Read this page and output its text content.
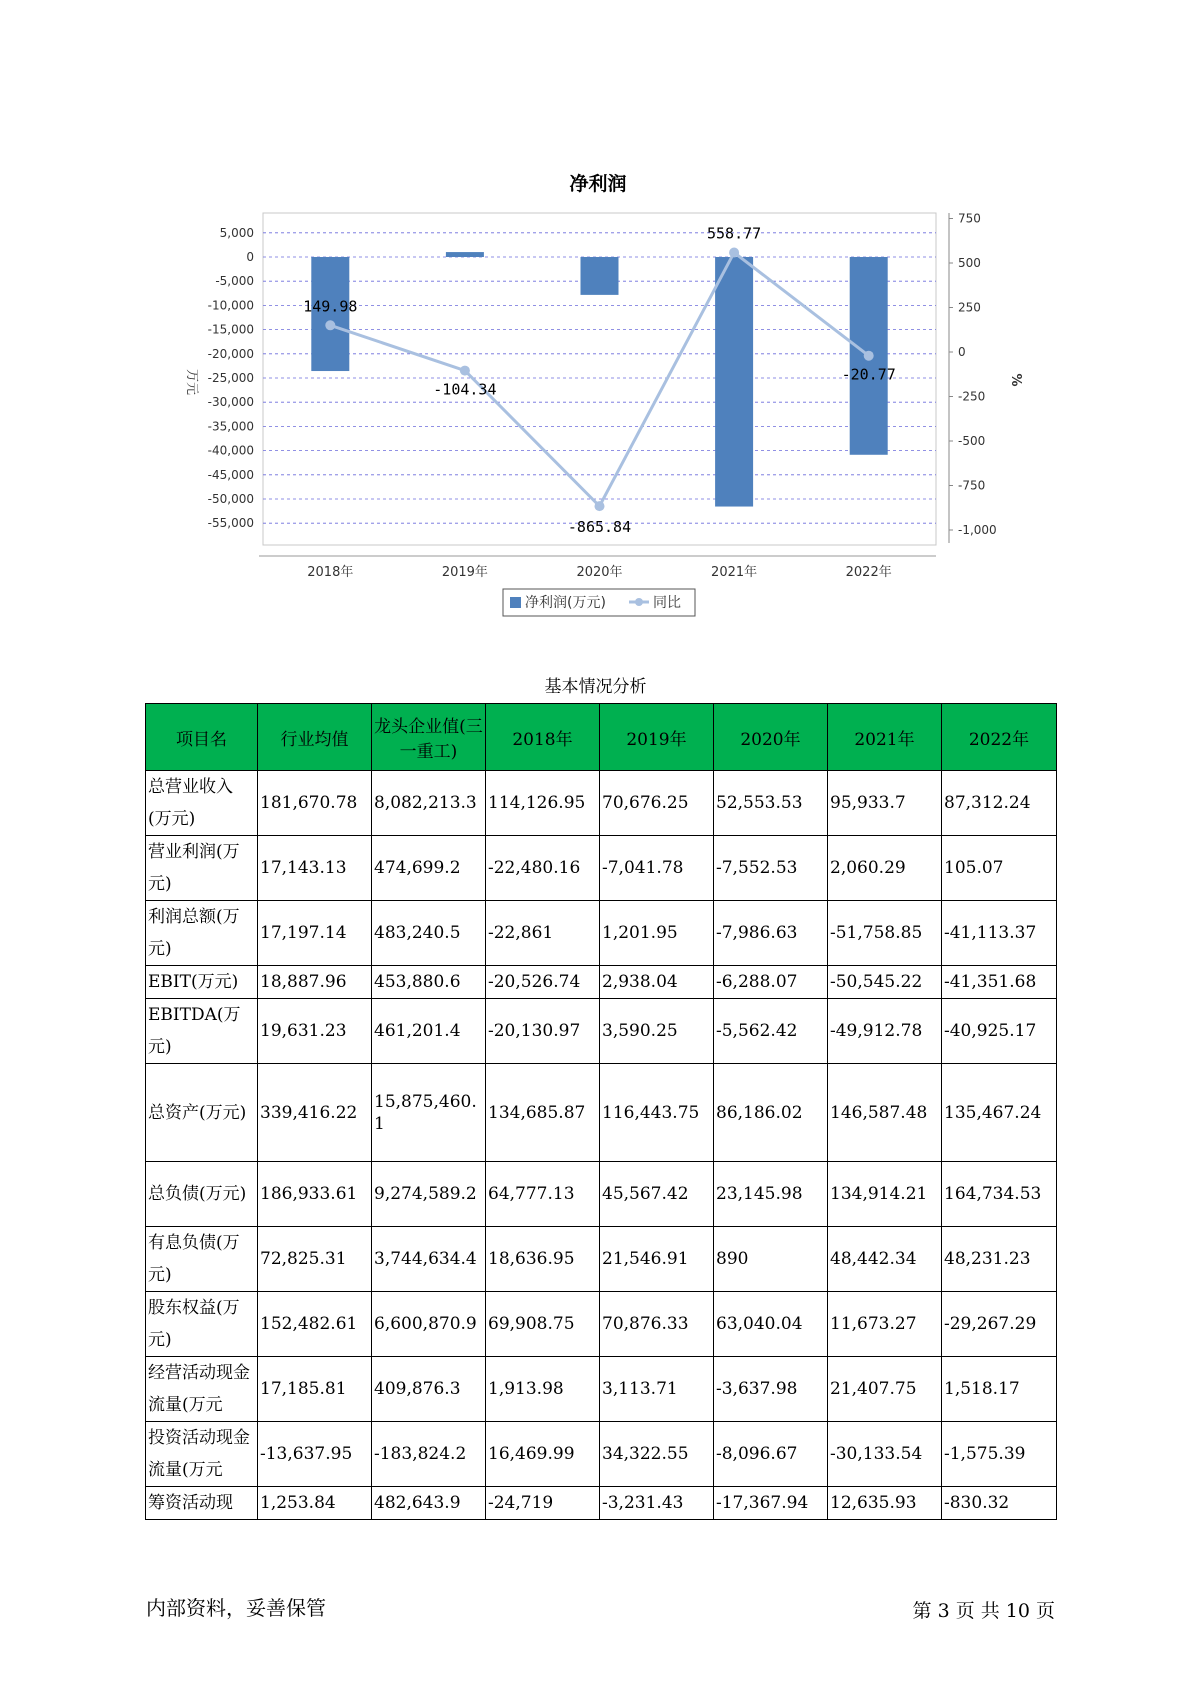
净利润
5,000
0
-5,000
-10,000
-15,000
-20,000
-25,000
-30,000
-35,000
-40,000
-45,000
-50,000
-55,000
750
500
250
0
-250
-500
-750
-1,000
万元	%
2018年	2019年	2020年	2021年	2022年
149.98
-104.34
-865.84
558.77
-20.77
净利润(万元)	同比
基本情况分析
项目名	行业均值	龙头企业值(三一重工)	2018年	2019年	2020年	2021年	2022年
总营业收入(万元)	181,670.78	8,082,213.3	114,126.95	70,676.25	52,553.53	95,933.7	87,312.24
营业利润(万元)	17,143.13	474,699.2	-22,480.16	-7,041.78	-7,552.53	2,060.29	105.07
利润总额(万元)	17,197.14	483,240.5	-22,861	1,201.95	-7,986.63	-51,758.85	-41,113.37
EBIT(万元)	18,887.96	453,880.6	-20,526.74	2,938.04	-6,288.07	-50,545.22	-41,351.68
EBITDA(万元)	19,631.23	461,201.4	-20,130.97	3,590.25	-5,562.42	-49,912.78	-40,925.17
总资产(万元)	339,416.22	15,875,460.1	134,685.87	116,443.75	86,186.02	146,587.48	135,467.24
总负债(万元)	186,933.61	9,274,589.2	64,777.13	45,567.42	23,145.98	134,914.21	164,734.53
有息负债(万元)	72,825.31	3,744,634.4	18,636.95	21,546.91	890	48,442.34	48,231.23
股东权益(万元)	152,482.61	6,600,870.9	69,908.75	70,876.33	63,040.04	11,673.27	-29,267.29
经营活动现金流量(万元	17,185.81	409,876.3	1,913.98	3,113.71	-3,637.98	21,407.75	1,518.17
投资活动现金流量(万元	-13,637.95	-183,824.2	16,469.99	34,322.55	-8,096.67	-30,133.54	-1,575.39
筹资活动现	1,253.84	482,643.9	-24,719	-3,231.43	-17,367.94	12,635.93	-830.32
内部资料，妥善保管	第 3 页 共 10 页
